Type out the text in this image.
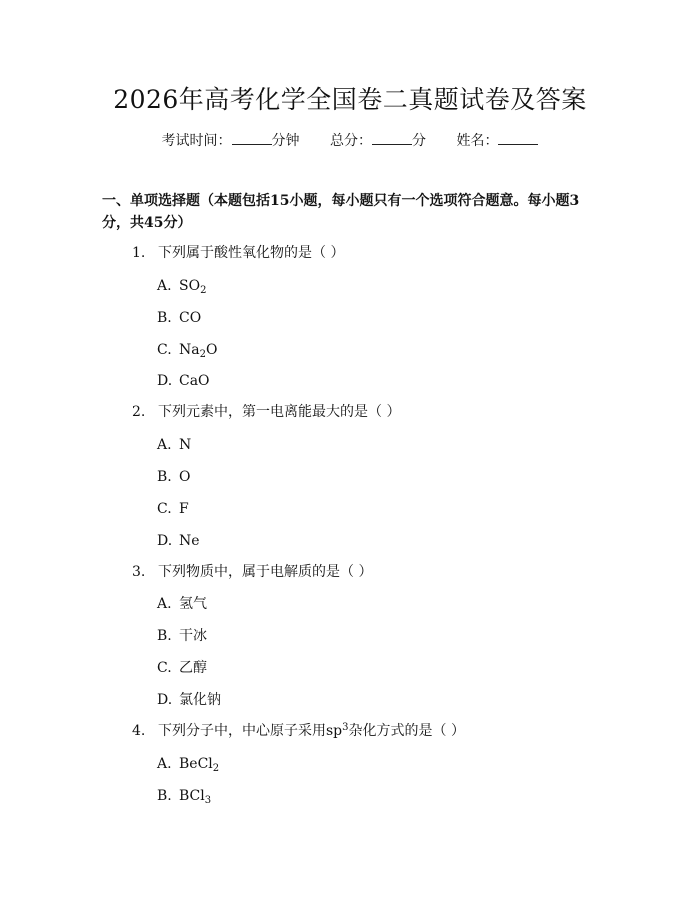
2026年高考化学全国卷二真题试卷及答案
考试时间：	分钟 总分：	分 姓名：
一、单项选择题（本题包括15小题，每小题只有一个选项符合题意。每小题3分，共45分）
1. 下列属于酸性氧化物的是（ ）
A. $SO_2$
B. CO
C. $Na_2O$
D. CaO
2. 下列元素中，第一电离能最大的是（ ）
A. N
B. O
C. F
D. Ne
3. 下列物质中，属于电解质的是（ ）
A. 氢气
B. 干冰
C. 乙醇
D. 氯化钠
4. 下列分子中，中心原子采用$sp^3$杂化方式的是（ ）
A. BeCl$_2$
B. BCl$_3$
